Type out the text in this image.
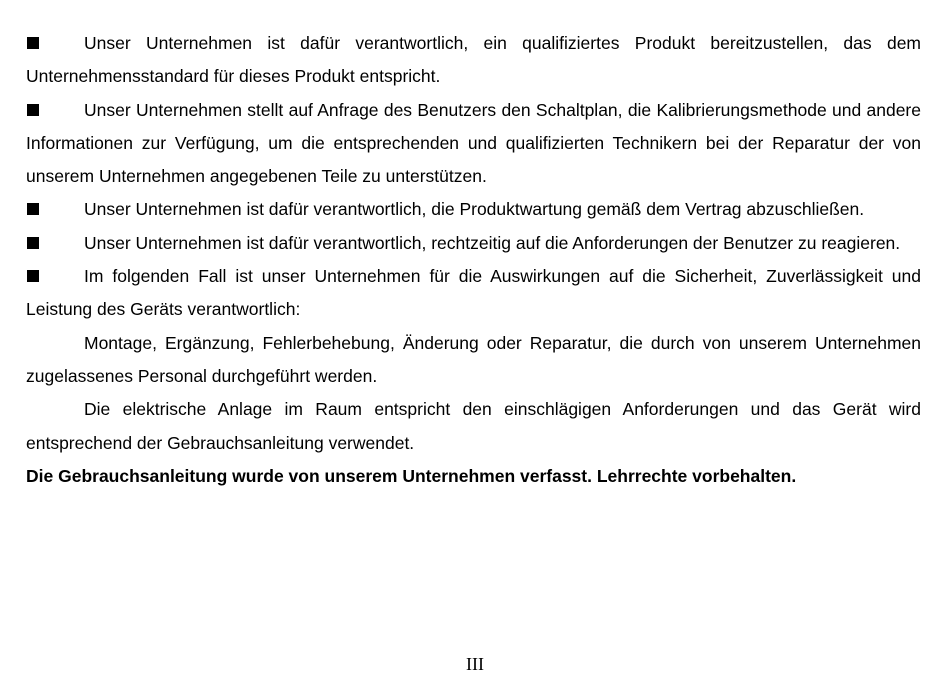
Unser Unternehmen ist dafür verantwortlich, ein qualifiziertes Produkt bereitzustellen, das dem Unternehmensstandard für dieses Produkt entspricht.

Unser Unternehmen stellt auf Anfrage des Benutzers den Schaltplan, die Kalibrierungsmethode und andere Informationen zur Verfügung, um die entsprechenden und qualifizierten Technikern bei der Reparatur der von unserem Unternehmen angegebenen Teile zu unterstützen.

Unser Unternehmen ist dafür verantwortlich, die Produktwartung gemäß dem Vertrag abzuschließen.

Unser Unternehmen ist dafür verantwortlich, rechtzeitig auf die Anforderungen der Benutzer zu reagieren.

Im folgenden Fall ist unser Unternehmen für die Auswirkungen auf die Sicherheit, Zuverlässigkeit und Leistung des Geräts verantwortlich:

Montage, Ergänzung, Fehlerbehebung, Änderung oder Reparatur, die durch von unserem Unternehmen zugelassenes Personal durchgeführt werden.

Die elektrische Anlage im Raum entspricht den einschlägigen Anforderungen und das Gerät wird entsprechend der Gebrauchsanleitung verwendet.

Die Gebrauchsanleitung wurde von unserem Unternehmen verfasst. Lehrrechte vorbehalten.

III
